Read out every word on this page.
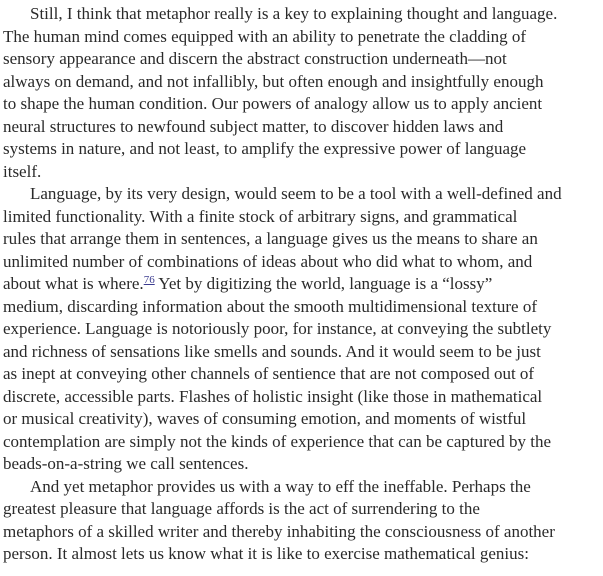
Still, I think that metaphor really is a key to explaining thought and language.
The human mind comes equipped with an ability to penetrate the cladding of
sensory appearance and discern the abstract construction underneath—not
always on demand, and not infallibly, but often enough and insightfully enough
to shape the human condition. Our powers of analogy allow us to apply ancient
neural structures to newfound subject matter, to discover hidden laws and
systems in nature, and not least, to amplify the expressive power of language
itself.
Language, by its very design, would seem to be a tool with a well-defined and
limited functionality. With a finite stock of arbitrary signs, and grammatical
rules that arrange them in sentences, a language gives us the means to share an
unlimited number of combinations of ideas about who did what to whom, and
about what is where.$^{76}$ Yet by digitizing the world, language is a “lossy”
medium, discarding information about the smooth multidimensional texture of
experience. Language is notoriously poor, for instance, at conveying the subtlety
and richness of sensations like smells and sounds. And it would seem to be just
as inept at conveying other channels of sentience that are not composed out of
discrete, accessible parts. Flashes of holistic insight (like those in mathematical
or musical creativity), waves of consuming emotion, and moments of wistful
contemplation are simply not the kinds of experience that can be captured by the
beads-on-a-string we call sentences.
And yet metaphor provides us with a way to eff the ineffable. Perhaps the
greatest pleasure that language affords is the act of surrendering to the
metaphors of a skilled writer and thereby inhabiting the consciousness of another
person. It almost lets us know what it is like to exercise mathematical genius:
